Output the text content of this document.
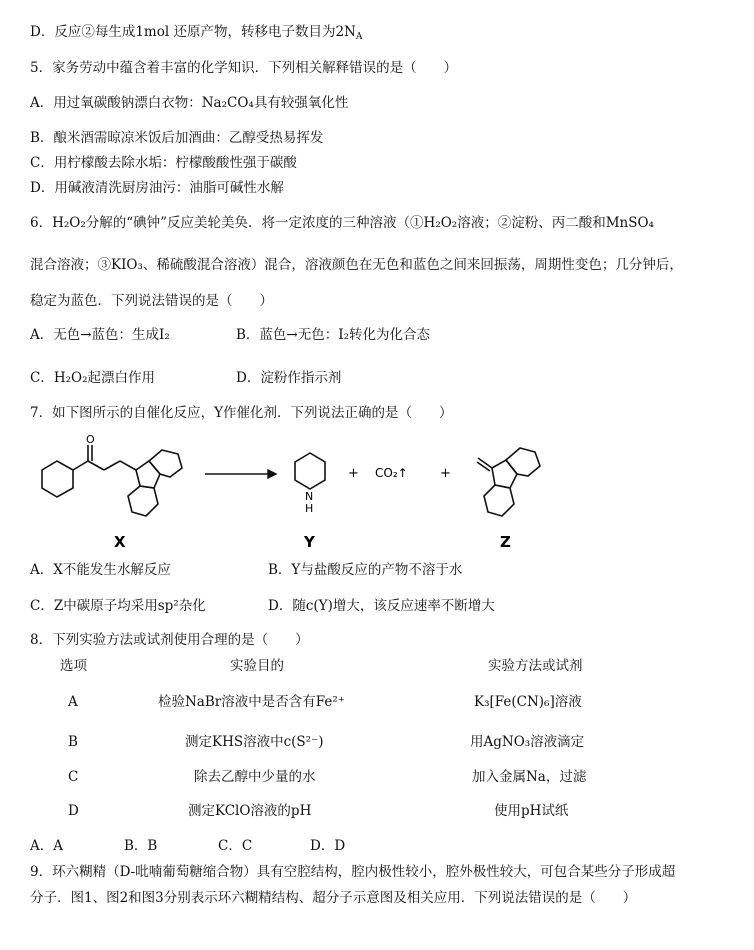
D．反应②每生成1mol 还原产物，转移电子数目为$2N_A$
5．家务劳动中蕴含着丰富的化学知识．下列相关解释错误的是（　　）
A．用过氧碳酸钠漂白衣物：Na₂CO₄具有较强氧化性
B．酿米酒需晾凉米饭后加酒曲：乙醇受热易挥发
C．用柠檬酸去除水垢：柠檬酸酸性强于碳酸
D．用碱液清洗厨房油污：油脂可碱性水解
6．H₂O₂分解的“碘钟”反应美轮美奂．将一定浓度的三种溶液（①H₂O₂溶液；②淀粉、丙二酸和MnSO₄
混合溶液；③KIO₃、稀硫酸混合溶液）混合，溶液颜色在无色和蓝色之间来回振荡，周期性变色；几分钟后，
稳定为蓝色．下列说法错误的是（　　）
A．无色→蓝色：生成I₂	B．蓝色→无色：I₂转化为化合态
C．H₂O₂起漂白作用	D．淀粉作指示剂
7．如下图所示的自催化反应，Y作催化剂．下列说法正确的是（　　）
O
X
N
H
Y
+ CO₂↑ +
Z
A．X不能发生水解反应	B．Y与盐酸反应的产物不溶于水
C．Z中碳原子均采用sp²杂化	D．随c(Y)增大，该反应速率不断增大
8．下列实验方法或试剂使用合理的是（　　）
选项	实验目的	实验方法或试剂
A	检验NaBr溶液中是否含有Fe²⁺	K₃[Fe(CN)₆]溶液
B	测定KHS溶液中c(S²⁻)	用AgNO₃溶液滴定
C	除去乙醇中少量的水	加入金属Na，过滤
D	测定KClO溶液的pH	使用pH试纸
A．A	B．B	C．C	D．D
9．环六糊精（D-吡喃葡萄糖缩合物）具有空腔结构，腔内极性较小，腔外极性较大，可包合某些分子形成超
分子．图1、图2和图3分别表示环六糊精结构、超分子示意图及相关应用．下列说法错误的是（　　）
